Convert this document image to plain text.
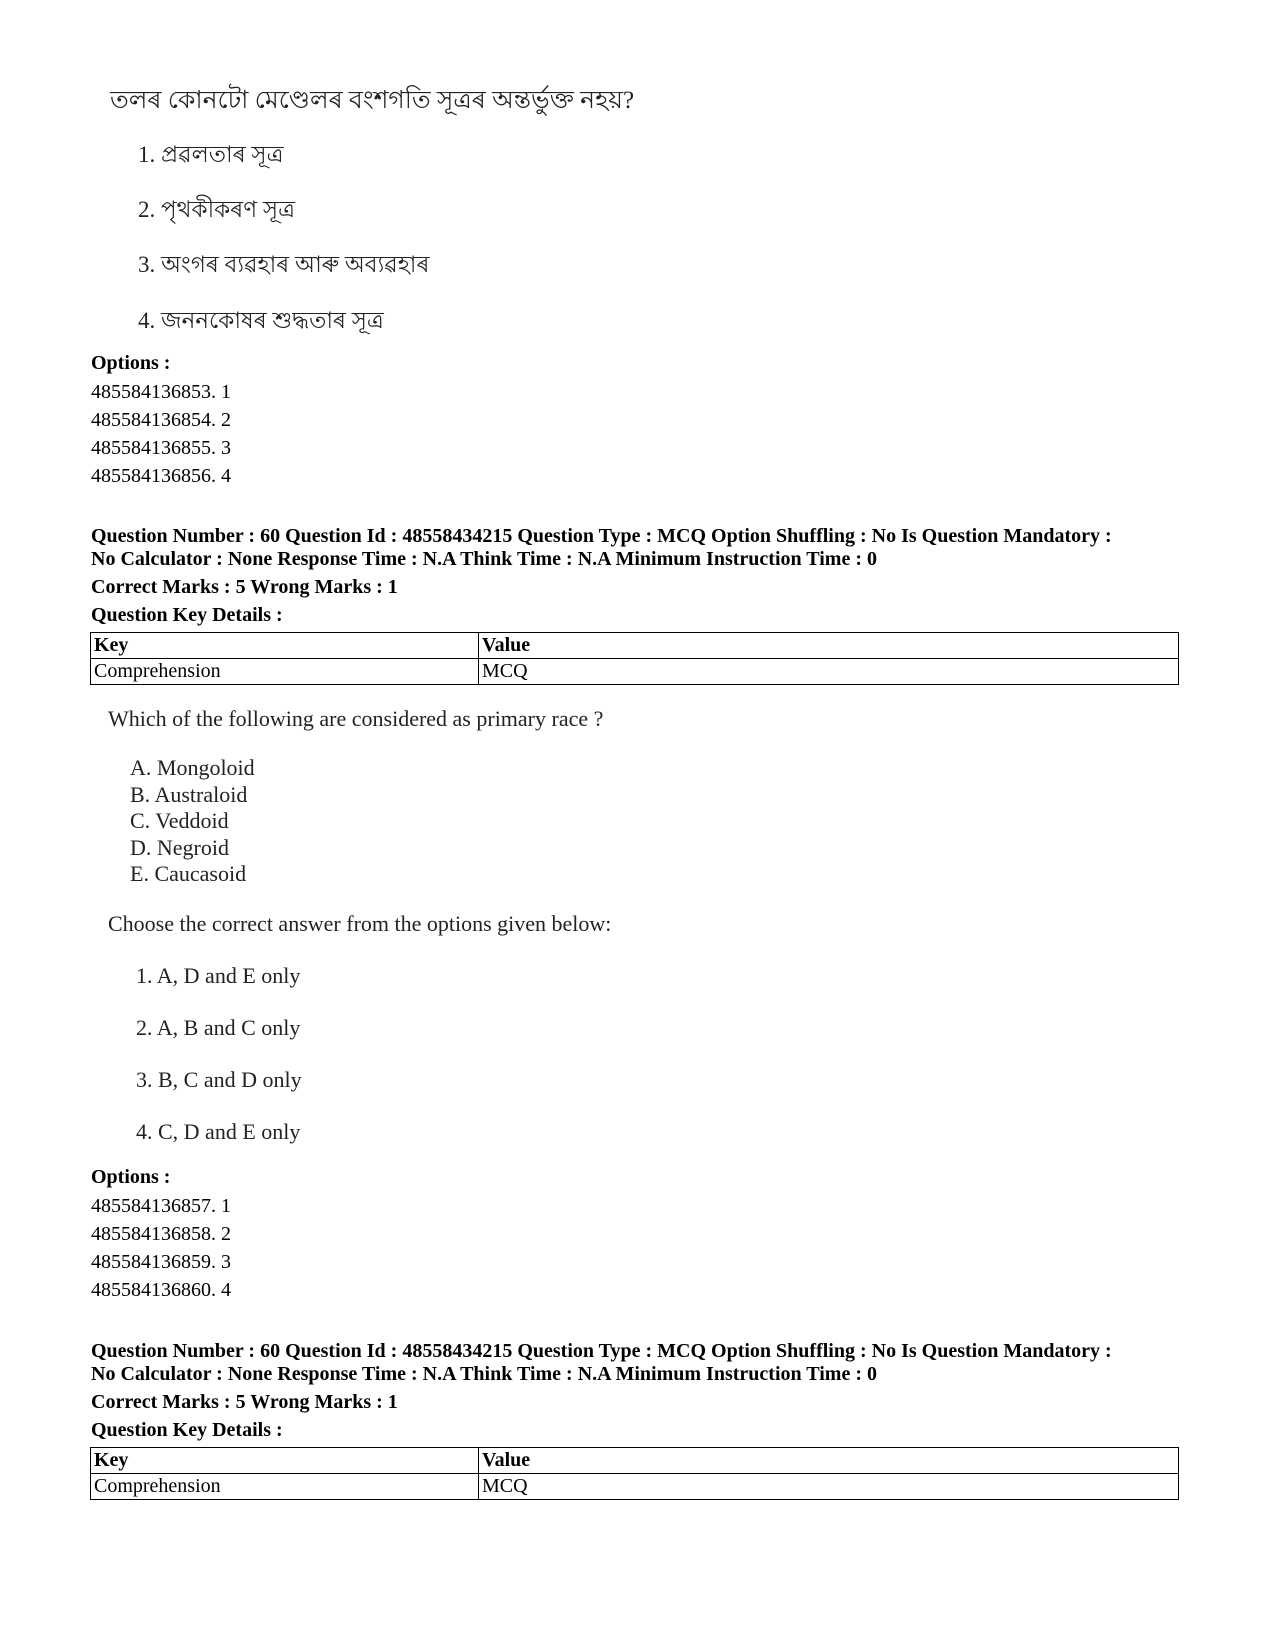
তলৰ কোনটো মেণ্ডেলৰ বংশগতি সূত্ৰৰ অন্তৰ্ভুক্ত নহয়?
1. প্ৰৱলতাৰ সূত্ৰ
2. পৃথকীকৰণ সূত্ৰ
3. অংগৰ ব্যৱহাৰ আৰু অব্যৱহাৰ
4. জননকোষৰ শুদ্ধতাৰ সূত্ৰ
Options :
485584136853. 1
485584136854. 2
485584136855. 3
485584136856. 4
Question Number : 60 Question Id : 48558434215 Question Type : MCQ Option Shuffling : No Is Question Mandatory :
No Calculator : None Response Time : N.A Think Time : N.A Minimum Instruction Time : 0
Correct Marks : 5 Wrong Marks : 1
Question Key Details :
Key	Value
Comprehension	MCQ
Which of the following are considered as primary race ?
A. Mongoloid
B. Australoid
C. Veddoid
D. Negroid
E. Caucasoid
Choose the correct answer from the options given below:
1. A, D and E only
2. A, B and C only
3. B, C and D only
4. C, D and E only
Options :
485584136857. 1
485584136858. 2
485584136859. 3
485584136860. 4
Question Number : 60 Question Id : 48558434215 Question Type : MCQ Option Shuffling : No Is Question Mandatory :
No Calculator : None Response Time : N.A Think Time : N.A Minimum Instruction Time : 0
Correct Marks : 5 Wrong Marks : 1
Question Key Details :
Key	Value
Comprehension	MCQ
